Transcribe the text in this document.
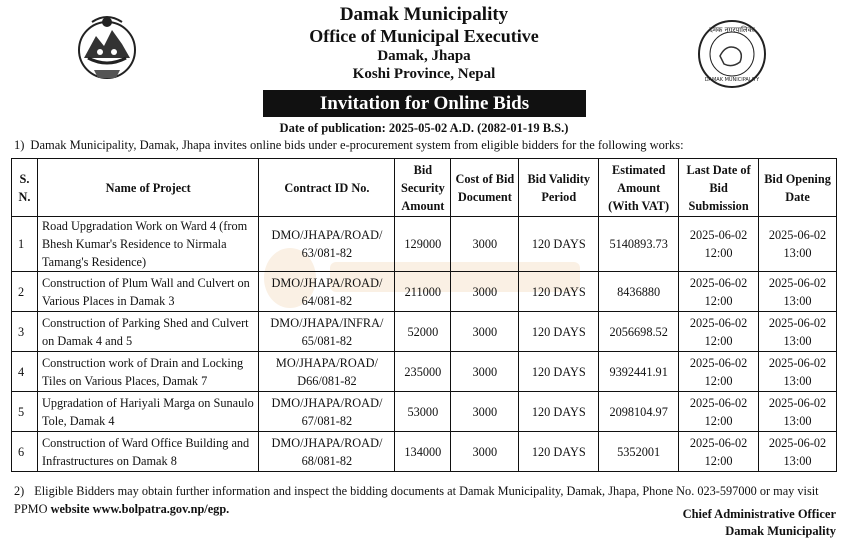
दमक नगरपालिका
DAMAK MUNICIPALITY
Damak Municipality
Office of Municipal Executive
Damak, Jhapa
Koshi Province, Nepal
Invitation for Online Bids
Date of publication: 2025-05-02 A.D. (2082-01-19 B.S.)
1) Damak Municipality, Damak, Jhapa invites online bids under e-procurement system from eligible bidders for the following works:
S. N.	Name of Project	Contract ID No.	Bid Security Amount	Cost of Bid Document	Bid Validity Period	Estimated Amount (With VAT)	Last Date of Bid Submission	Bid Opening Date
1	Road Upgradation Work on Ward 4 (from Bhesh Kumar's Residence to Nirmala Tamang's Residence)	DMO/JHAPA/ROAD/ 63/081-82	129000	3000	120 DAYS	5140893.73	2025-06-02 12:00	2025-06-02 13:00
2	Construction of Plum Wall and Culvert on Various Places in Damak 3	DMO/JHAPA/ROAD/ 64/081-82	211000	3000	120 DAYS	8436880	2025-06-02 12:00	2025-06-02 13:00
3	Construction of Parking Shed and Culvert on Damak 4 and 5	DMO/JHAPA/INFRA/ 65/081-82	52000	3000	120 DAYS	2056698.52	2025-06-02 12:00	2025-06-02 13:00
4	Construction work of Drain and Locking Tiles on Various Places, Damak 7	MO/JHAPA/ROAD/ D66/081-82	235000	3000	120 DAYS	9392441.91	2025-06-02 12:00	2025-06-02 13:00
5	Upgradation of Hariyali Marga on Sunaulo Tole, Damak 4	DMO/JHAPA/ROAD/ 67/081-82	53000	3000	120 DAYS	2098104.97	2025-06-02 12:00	2025-06-02 13:00
6	Construction of Ward Office Building and Infrastructures on Damak 8	DMO/JHAPA/ROAD/ 68/081-82	134000	3000	120 DAYS	5352001	2025-06-02 12:00	2025-06-02 13:00
2) Eligible Bidders may obtain further information and inspect the bidding documents at Damak Municipality, Damak, Jhapa, Phone No. 023-597000 or may visit PPMO website www.bolpatra.gov.np/egp.	Chief Administrative Officer
Damak Municipality
